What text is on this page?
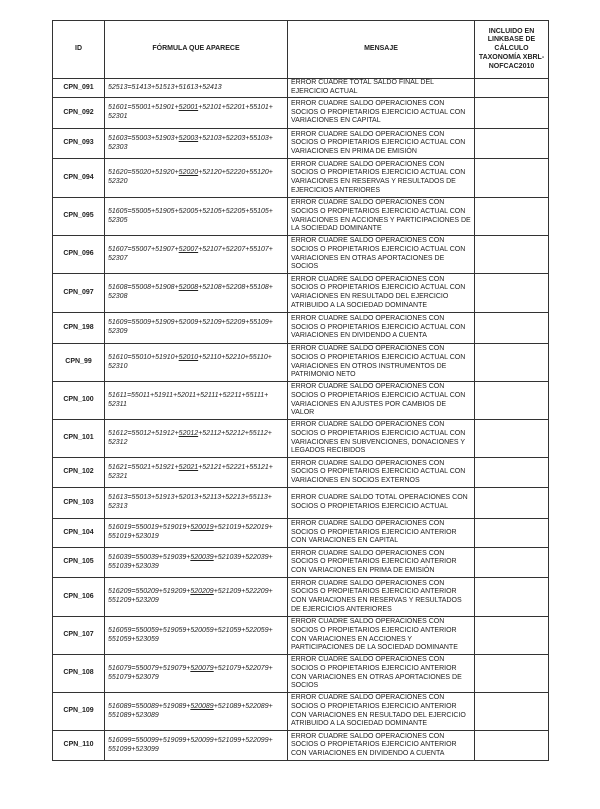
ID	FÓRMULA QUE APARECE	MENSAJE	INCLUIDO EN LINKBASE DE CÁLCULO TAXONOMÍA XBRL-NOFCAC2010
CPN_091	52513=51413+51513+51613+52413	ERROR CUADRE TOTAL SALDO FINAL DEL EJERCICIO ACTUAL	
CPN_092	51601=55001+51901+52001+52101+52201+55101+ 52301	ERROR CUADRE SALDO OPERACIONES CON SOCIOS O PROPIETARIOS EJERCICIO ACTUAL CON VARIACIONES EN CAPITAL	
CPN_093	51603=55003+51903+52003+52103+52203+55103+ 52303	ERROR CUADRE SALDO OPERACIONES CON SOCIOS O PROPIETARIOS EJERCICIO ACTUAL CON VARIACIONES EN PRIMA DE EMISIÓN	
CPN_094	51620=55020+51920+52020+52120+52220+55120+ 52320	ERROR CUADRE SALDO OPERACIONES CON SOCIOS O PROPIETARIOS EJERCICIO ACTUAL CON VARIACIONES EN RESERVAS Y RESULTADOS DE EJERCICIOS ANTERIORES	
CPN_095	51605=55005+51905+52005+52105+52205+55105+ 52305	ERROR CUADRE SALDO OPERACIONES CON SOCIOS O PROPIETARIOS EJERCICIO ACTUAL CON VARIACIONES EN ACCIONES Y PARTICIPACIONES DE LA SOCIEDAD DOMINANTE	
CPN_096	51607=55007+51907+52007+52107+52207+55107+ 52307	ERROR CUADRE SALDO OPERACIONES CON SOCIOS O PROPIETARIOS EJERCICIO ACTUAL CON VARIACIONES EN OTRAS APORTACIONES DE SOCIOS	
CPN_097	51608=55008+51908+52008+52108+52208+55108+ 52308	ERROR CUADRE SALDO OPERACIONES CON SOCIOS O PROPIETARIOS EJERCICIO ACTUAL CON VARIACIONES EN RESULTADO DEL EJERCICIO ATRIBUIDO A LA SOCIEDAD DOMINANTE	
CPN_198	51609=55009+51909+52009+52109+52209+55109+ 52309	ERROR CUADRE SALDO OPERACIONES CON SOCIOS O PROPIETARIOS EJERCICIO ACTUAL CON VARIACIONES EN DIVIDENDO A CUENTA	
CPN_99	51610=55010+51910+52010+52110+52210+55110+ 52310	ERROR CUADRE SALDO OPERACIONES CON SOCIOS O PROPIETARIOS EJERCICIO ACTUAL CON VARIACIONES EN OTROS INSTRUMENTOS DE PATRIMONIO NETO	
CPN_100	51611=55011+51911+52011+52111+52211+55111+ 52311	ERROR CUADRE SALDO OPERACIONES CON SOCIOS O PROPIETARIOS EJERCICIO ACTUAL CON VARIACIONES EN AJUSTES POR CAMBIOS DE VALOR	
CPN_101	51612=55012+51912+52012+52112+52212+55112+ 52312	ERROR CUADRE SALDO OPERACIONES CON SOCIOS O PROPIETARIOS EJERCICIO ACTUAL CON VARIACIONES EN SUBVENCIONES, DONACIONES Y LEGADOS RECIBIDOS	
CPN_102	51621=55021+51921+52021+52121+52221+55121+ 52321	ERROR CUADRE SALDO OPERACIONES CON SOCIOS O PROPIETARIOS EJERCICIO ACTUAL CON VARIACIONES EN SOCIOS EXTERNOS	
CPN_103	51613=55013+51913+52013+52113+52213+55113+ 52313	ERROR CUADRE SALDO TOTAL OPERACIONES CON SOCIOS O PROPIETARIOS EJERCICIO ACTUAL	
CPN_104	516019=550019+519019+520019+521019+522019+ 551019+523019	ERROR CUADRE SALDO OPERACIONES CON SOCIOS O PROPIETARIOS EJERCICIO ANTERIOR CON VARIACIONES EN CAPITAL	
CPN_105	516039=550039+519039+520039+521039+522039+ 551039+523039	ERROR CUADRE SALDO OPERACIONES CON SOCIOS O PROPIETARIOS EJERCICIO ANTERIOR CON VARIACIONES EN PRIMA DE EMISIÓN	
CPN_106	516209=550209+519209+520209+521209+522209+ 551209+523209	ERROR CUADRE SALDO OPERACIONES CON SOCIOS O PROPIETARIOS EJERCICIO ANTERIOR CON VARIACIONES EN RESERVAS Y RESULTADOS DE EJERCICIOS ANTERIORES	
CPN_107	516059=550059+519059+520059+521059+522059+ 551059+523059	ERROR CUADRE SALDO OPERACIONES CON SOCIOS O PROPIETARIOS EJERCICIO ANTERIOR CON VARIACIONES EN ACCIONES Y PARTICIPACIONES DE LA SOCIEDAD DOMINANTE	
CPN_108	516079=550079+519079+520079+521079+522079+ 551079+523079	ERROR CUADRE SALDO OPERACIONES CON SOCIOS O PROPIETARIOS EJERCICIO ANTERIOR CON VARIACIONES EN OTRAS APORTACIONES DE SOCIOS	
CPN_109	516089=550089+519089+520089+521089+522089+ 551089+523089	ERROR CUADRE SALDO OPERACIONES CON SOCIOS O PROPIETARIOS EJERCICIO ANTERIOR CON VARIACIONES EN RESULTADO DEL EJERCICIO ATRIBUIDO A LA SOCIEDAD DOMINANTE	
CPN_110	516099=550099+519099+520099+521099+522099+ 551099+523099	ERROR CUADRE SALDO OPERACIONES CON SOCIOS O PROPIETARIOS EJERCICIO ANTERIOR CON VARIACIONES EN DIVIDENDO A CUENTA	
